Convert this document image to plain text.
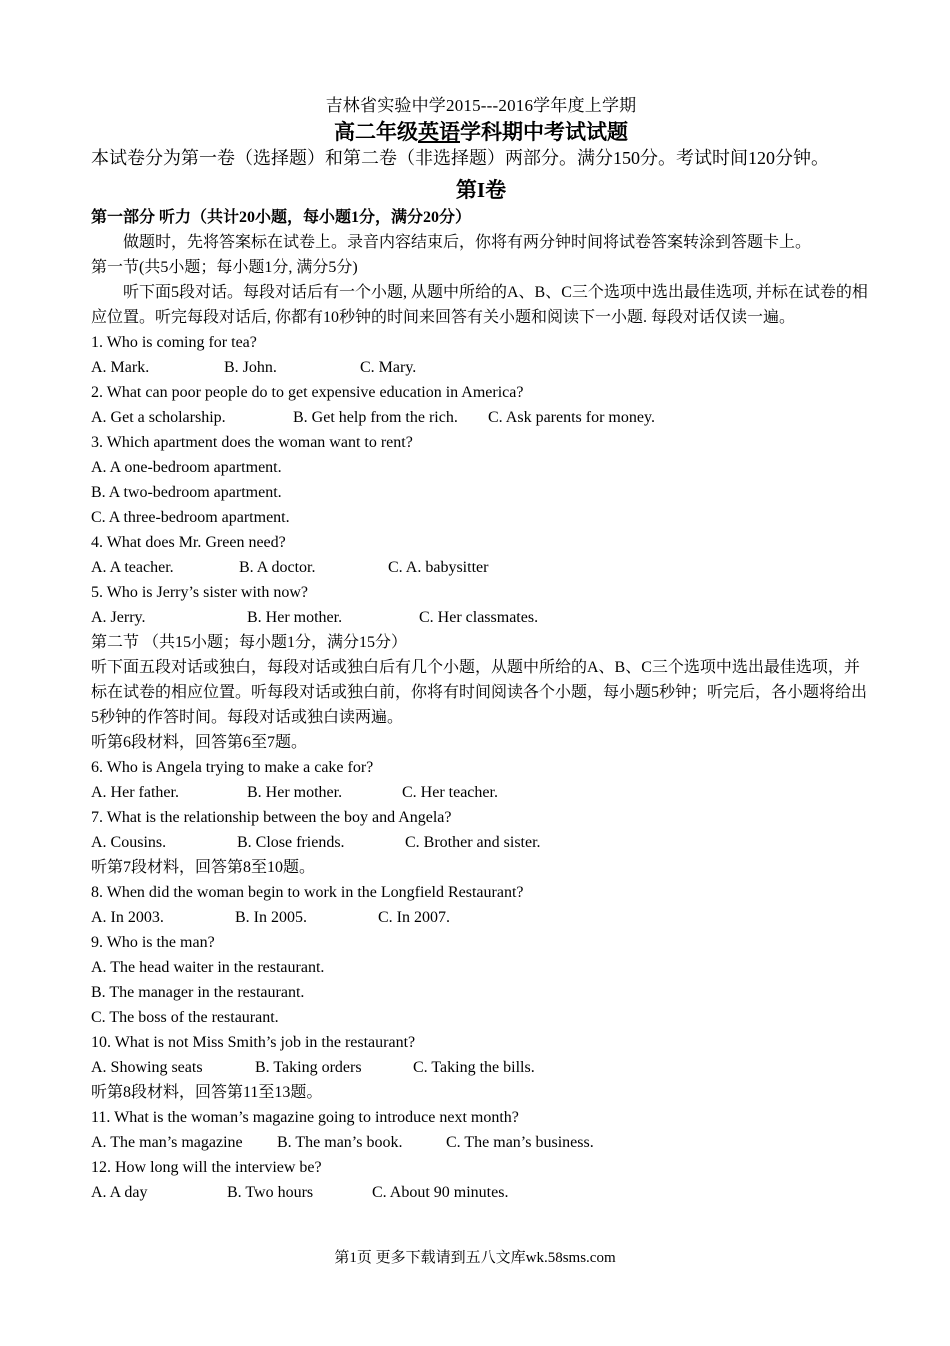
吉林省实验中学2015---2016学年度上学期
高二年级英语学科期中考试试题
本试卷分为第一卷（选择题）和第二卷（非选择题）两部分。满分150分。考试时间120分钟。
第I卷
第一部分 听力（共计20小题，每小题1分，满分20分）
做题时，先将答案标在试卷上。录音内容结束后，你将有两分钟时间将试卷答案转涂到答题卡上。
第一节(共5小题；每小题1分, 满分5分)
听下面5段对话。每段对话后有一个小题, 从题中所给的A、B、C三个选项中选出最佳选项, 并标在试卷的相应位置。听完每段对话后, 你都有10秒钟的时间来回答有关小题和阅读下一小题. 每段对话仅读一遍。
1. Who is coming for tea?
A. Mark.	B. John.	C. Mary.
2. What can poor people do to get expensive education in America?
A. Get a scholarship.	B. Get help from the rich.	C. Ask parents for money.
3. Which apartment does the woman want to rent?
A. A one-bedroom apartment.
B. A two-bedroom apartment.
C. A three-bedroom apartment.
4. What does Mr. Green need?
A. A teacher.	B. A doctor.	C. A. babysitter
5. Who is Jerry’s sister with now?
A. Jerry.	B. Her mother.	C. Her classmates.
第二节 （共15小题；每小题1分，满分15分）
听下面五段对话或独白，每段对话或独白后有几个小题，从题中所给的A、B、C三个选项中选出最佳选项，并标在试卷的相应位置。听每段对话或独白前，你将有时间阅读各个小题，每小题5秒钟；听完后，各小题将给出5秒钟的作答时间。每段对话或独白读两遍。
听第6段材料，回答第6至7题。
6. Who is Angela trying to make a cake for?
A. Her father.	B. Her mother.	C. Her teacher.
7. What is the relationship between the boy and Angela?
A. Cousins.	B. Close friends.	C. Brother and sister.
听第7段材料，回答第8至10题。
8. When did the woman begin to work in the Longfield Restaurant?
A. In 2003.	B. In 2005.	C. In 2007.
9. Who is the man?
A. The head waiter in the restaurant.
B. The manager in the restaurant.
C. The boss of the restaurant.
10. What is not Miss Smith’s job in the restaurant?
A. Showing seats	B. Taking orders	C. Taking the bills.
听第8段材料，回答第11至13题。
11. What is the woman’s magazine going to introduce next month?
A. The man’s magazine	B. The man’s book.	C. The man’s business.
12. How long will the interview be?
A. A day	B. Two hours	C. About 90 minutes.
第1页 更多下载请到五八文库wk.58sms.com
